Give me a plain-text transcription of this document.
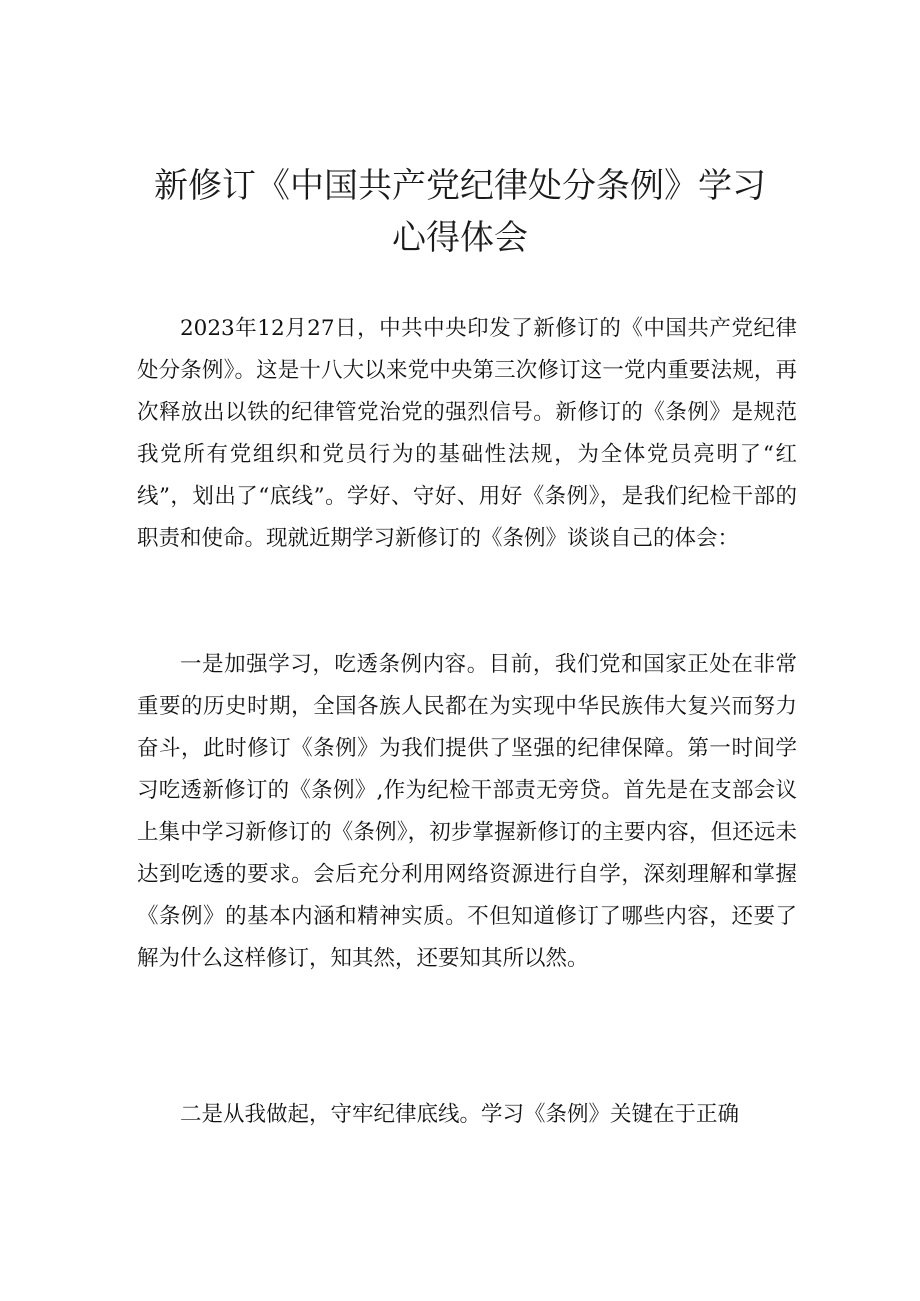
新修订《中国共产党纪律处分条例》学习
心得体会

2023年12月27日，中共中央印发了新修订的《中国共产党纪律处分条例》。这是十八大以来党中央第三次修订这一党内重要法规，再次释放出以铁的纪律管党治党的强烈信号。新修订的《条例》是规范我党所有党组织和党员行为的基础性法规，为全体党员亮明了“红线”，划出了“底线”。学好、守好、用好《条例》，是我们纪检干部的职责和使命。现就近期学习新修订的《条例》谈谈自己的体会：

一是加强学习，吃透条例内容。目前，我们党和国家正处在非常重要的历史时期，全国各族人民都在为实现中华民族伟大复兴而努力奋斗，此时修订《条例》为我们提供了坚强的纪律保障。第一时间学习吃透新修订的《条例》,作为纪检干部责无旁贷。首先是在支部会议上集中学习新修订的《条例》，初步掌握新修订的主要内容，但还远未达到吃透的要求。会后充分利用网络资源进行自学，深刻理解和掌握《条例》的基本内涵和精神实质。不但知道修订了哪些内容，还要了解为什么这样修订，知其然，还要知其所以然。

二是从我做起，守牢纪律底线。学习《条例》关键在于正确
